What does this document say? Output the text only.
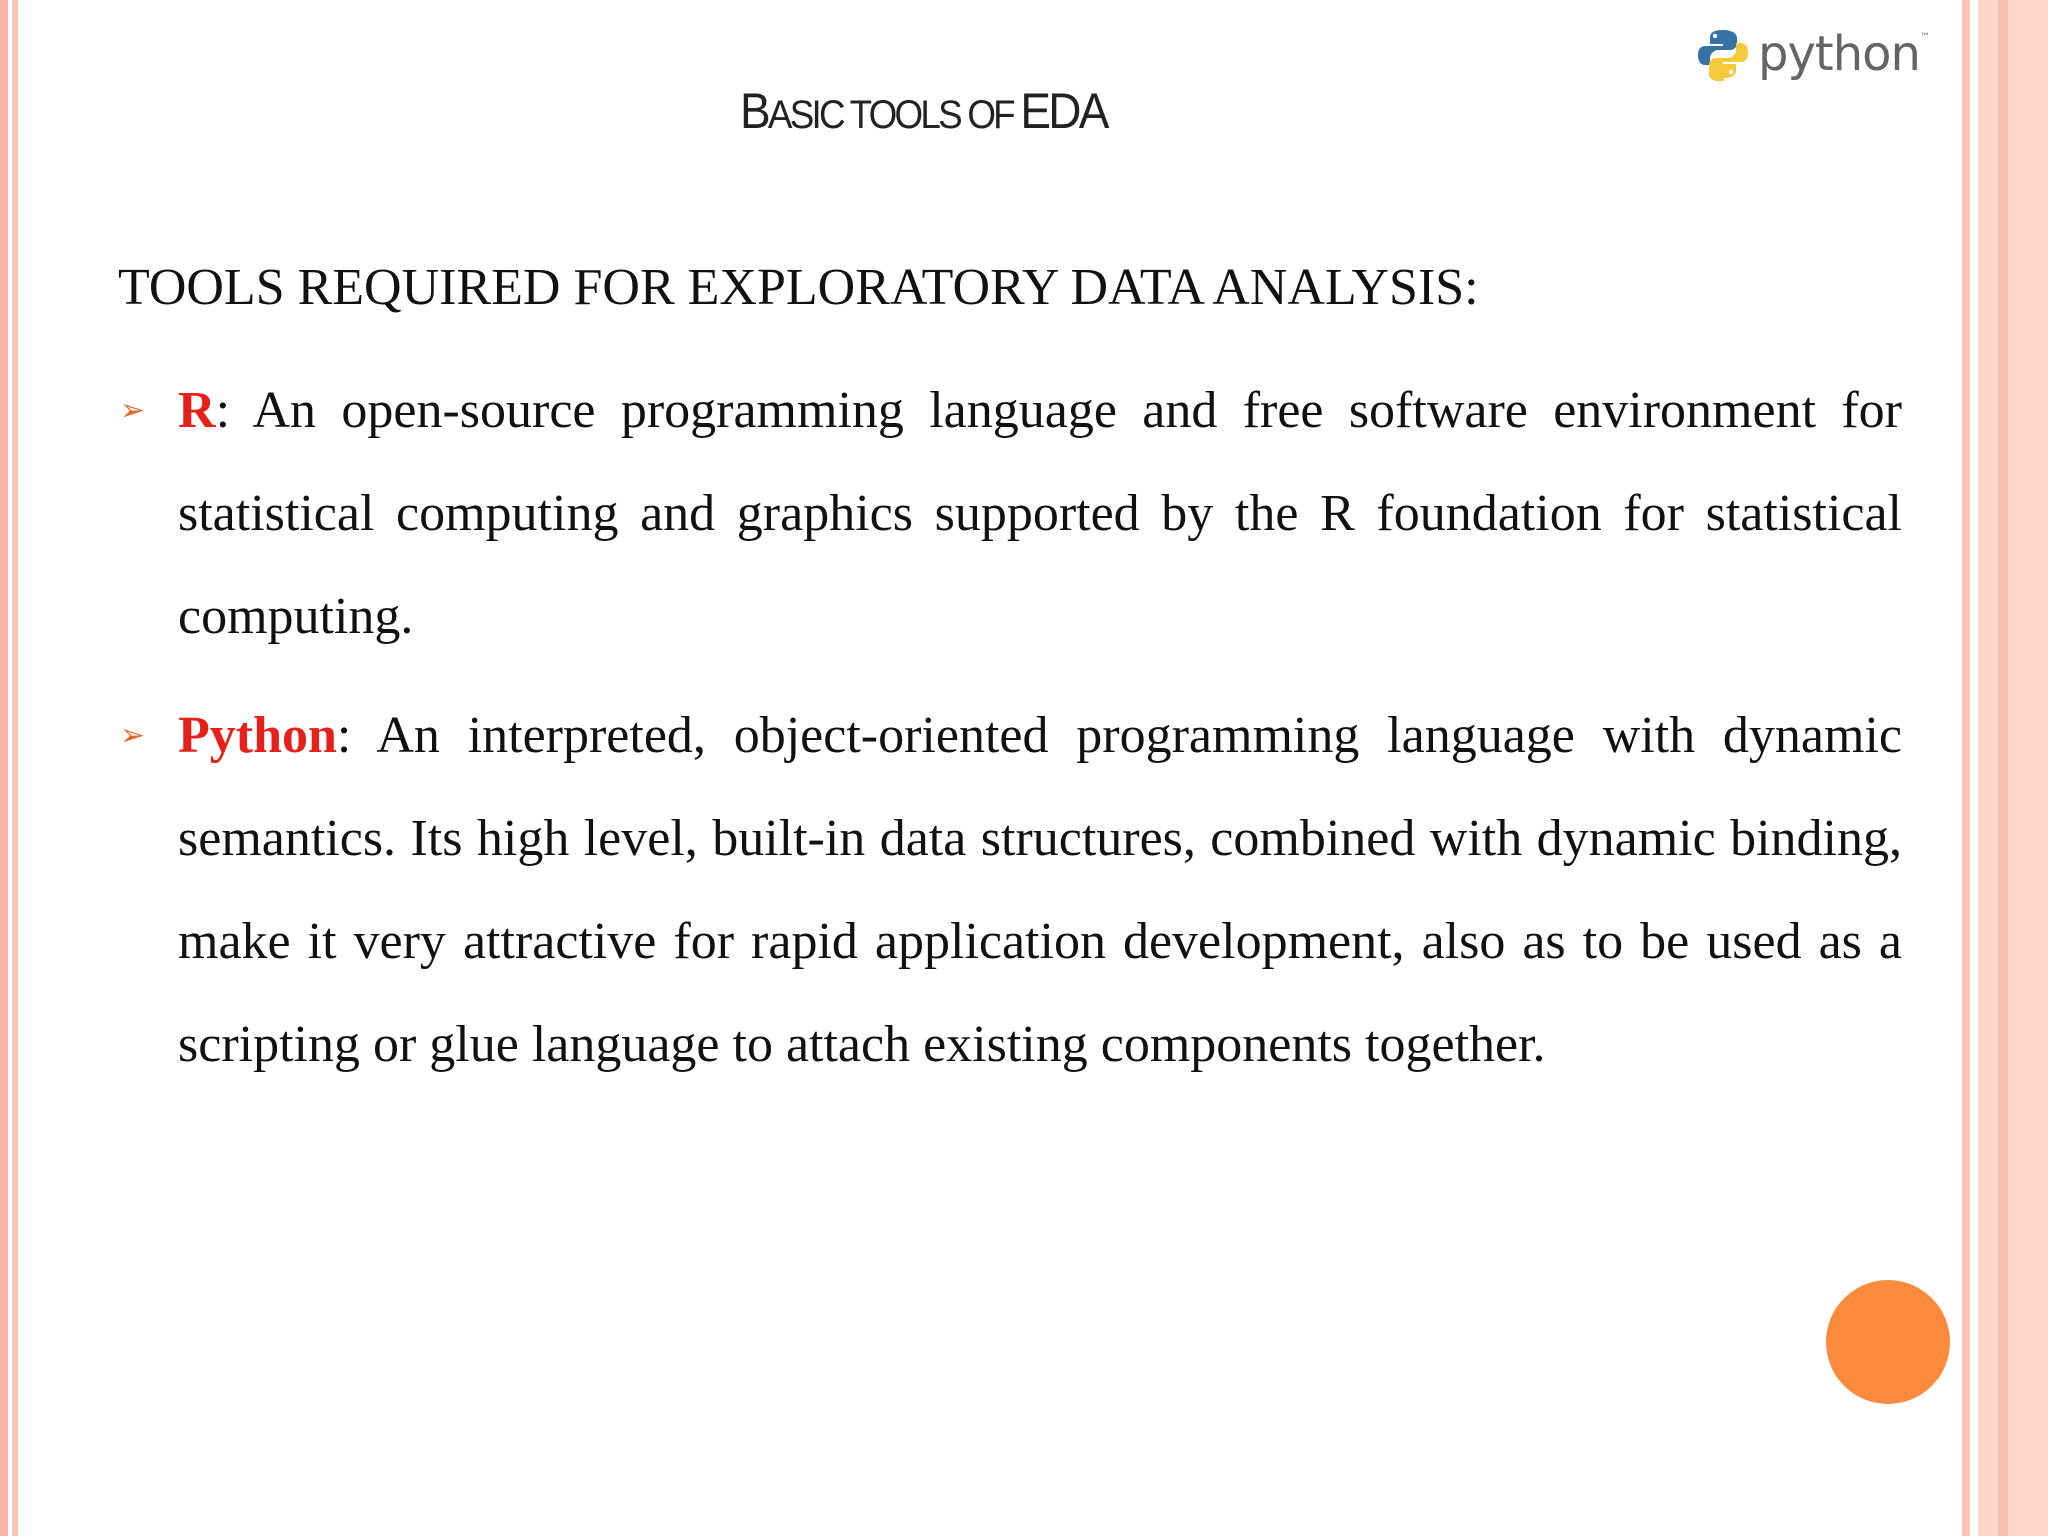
python ™
BASIC TOOLS OF EDA
TOOLS REQUIRED FOR EXPLORATORY DATA ANALYSIS:
➢ R: An open-source programming language and free software environment for statistical computing and graphics supported by the R foundation for statistical computing.
➢ Python: An interpreted, object-oriented programming language with dynamic semantics. Its high level, built-in data structures, combined with dynamic binding, make it very attractive for rapid application development, also as to be used as a scripting or glue language to attach existing components together.
